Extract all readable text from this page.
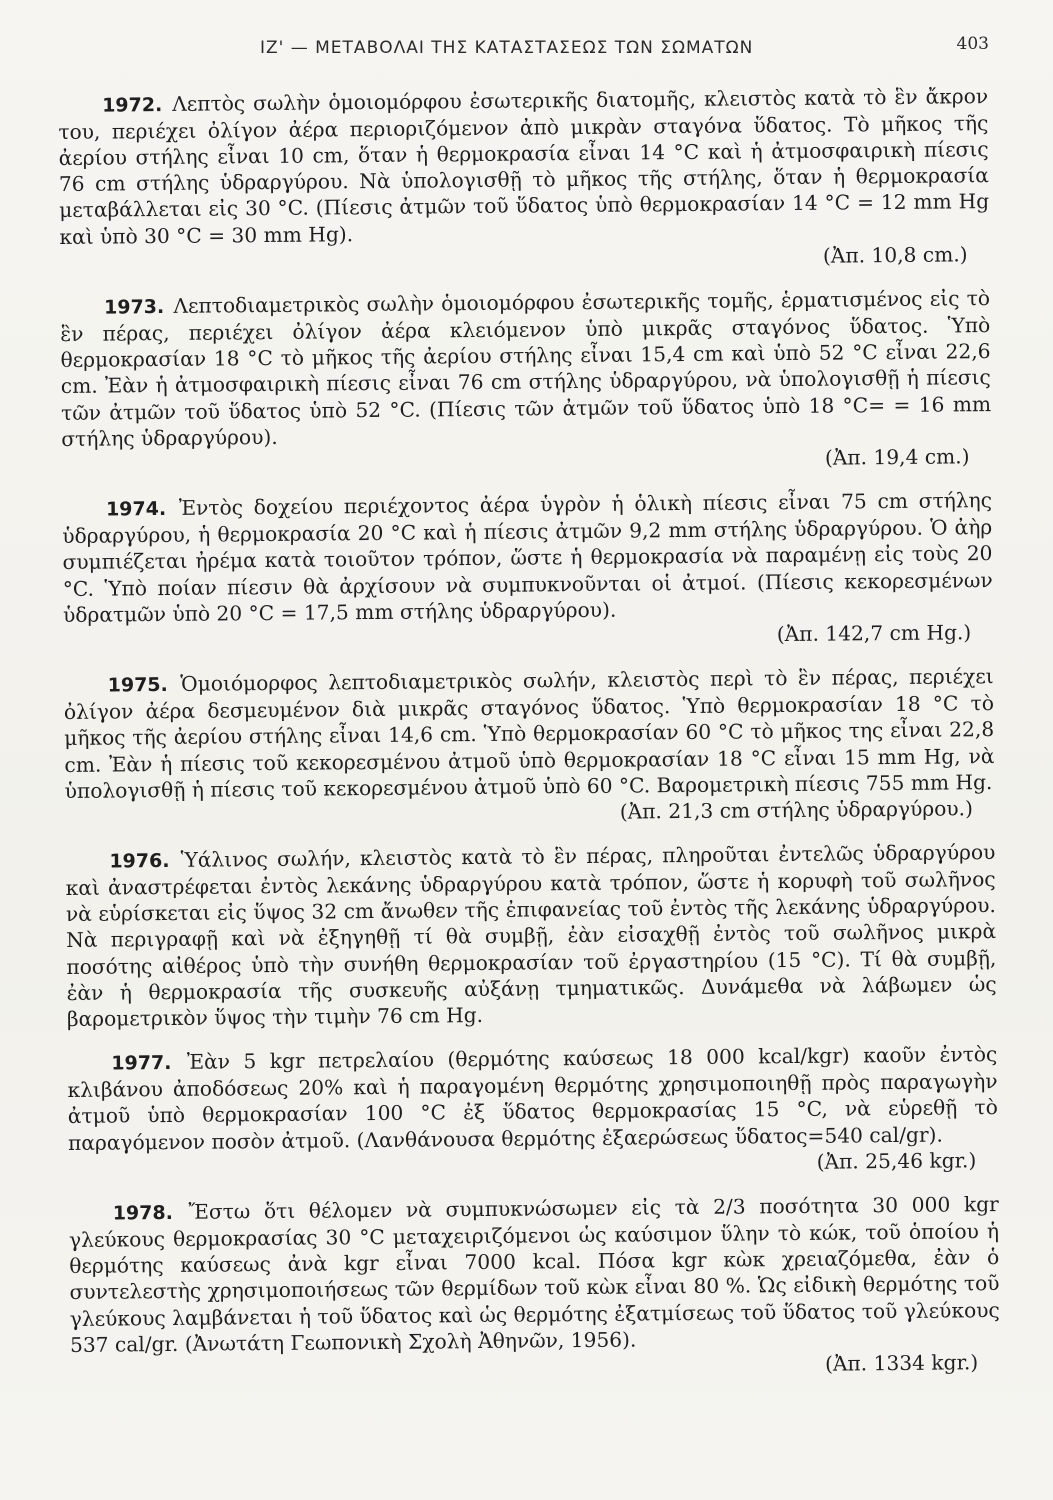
ΙΖ' — ΜΕΤΑΒΟΛΑΙ ΤΗΣ ΚΑΤΑΣΤΑΣΕΩΣ ΤΩΝ ΣΩΜΑΤΩΝ	403

1972. Λεπτὸς σωλὴν ὁμοιομόρφου ἐσωτερικῆς διατομῆς, κλειστὸς κατὰ τὸ ἓν ἄκρον του, περιέχει ὀλίγον ἀέρα περιοριζόμενον ἀπὸ μικρὰν σταγόνα ὕδατος. Τὸ μῆκος τῆς ἀερίου στήλης εἶναι 10 cm, ὅταν ἡ θερμοκρασία εἶναι 14 °C καὶ ἡ ἀτμοσφαιρικὴ πίεσις 76 cm στήλης ὑδραργύρου. Νὰ ὑπολογισθῇ τὸ μῆκος τῆς στήλης, ὅταν ἡ θερμοκρασία μεταβάλλεται εἰς 30 °C. (Πίεσις ἀτμῶν τοῦ ὕδατος ὑπὸ θερμοκρασίαν 14 °C = 12 mm Hg καὶ ὑπὸ 30 °C = 30 mm Hg).
(Ἀπ. 10,8 cm.)

1973. Λεπτοδιαμετρικὸς σωλὴν ὁμοιομόρφου ἐσωτερικῆς τομῆς, ἑρματισμένος εἰς τὸ ἓν πέρας, περιέχει ὀλίγον ἀέρα κλειόμενον ὑπὸ μικρᾶς σταγόνος ὕδατος. Ὑπὸ θερμοκρασίαν 18 °C τὸ μῆκος τῆς ἀερίου στήλης εἶναι 15,4 cm καὶ ὑπὸ 52 °C εἶναι 22,6 cm. Ἐὰν ἡ ἀτμοσφαιρικὴ πίεσις εἶναι 76 cm στήλης ὑδραργύρου, νὰ ὑπολογισθῇ ἡ πίεσις τῶν ἀτμῶν τοῦ ὕδατος ὑπὸ 52 °C. (Πίεσις τῶν ἀτμῶν τοῦ ὕδατος ὑπὸ 18 °C= = 16 mm στήλης ὑδραργύρου).
(Ἀπ. 19,4 cm.)

1974. Ἐντὸς δοχείου περιέχοντος ἀέρα ὑγρὸν ἡ ὁλικὴ πίεσις εἶναι 75 cm στήλης ὑδραργύρου, ἡ θερμοκρασία 20 °C καὶ ἡ πίεσις ἀτμῶν 9,2 mm στήλης ὑδραργύρου. Ὁ ἀὴρ συμπιέζεται ἠρέμα κατὰ τοιοῦτον τρόπον, ὥστε ἡ θερμοκρασία νὰ παραμένῃ εἰς τοὺς 20 °C. Ὑπὸ ποίαν πίεσιν θὰ ἀρχίσουν νὰ συμπυκνοῦνται οἱ ἀτμοί. (Πίεσις κεκορεσμένων ὑδρατμῶν ὑπὸ 20 °C = 17,5 mm στήλης ὑδραργύρου).
(Ἀπ. 142,7 cm Hg.)

1975. Ὁμοιόμορφος λεπτοδιαμετρικὸς σωλήν, κλειστὸς περὶ τὸ ἓν πέρας, περιέχει ὀλίγον ἀέρα δεσμευμένον διὰ μικρᾶς σταγόνος ὕδατος. Ὑπὸ θερμοκρασίαν 18 °C τὸ μῆκος τῆς ἀερίου στήλης εἶναι 14,6 cm. Ὑπὸ θερμοκρασίαν 60 °C τὸ μῆκος της εἶναι 22,8 cm. Ἐὰν ἡ πίεσις τοῦ κεκορεσμένου ἀτμοῦ ὑπὸ θερμοκρασίαν 18 °C εἶναι 15 mm Hg, νὰ ὑπολογισθῇ ἡ πίεσις τοῦ κεκορεσμένου ἀτμοῦ ὑπὸ 60 °C. Βαρομετρικὴ πίεσις 755 mm Hg.
(Ἀπ. 21,3 cm στήλης ὑδραργύρου.)

1976. Ὑάλινος σωλήν, κλειστὸς κατὰ τὸ ἓν πέρας, πληροῦται ἐντελῶς ὑδραργύρου καὶ ἀναστρέφεται ἐντὸς λεκάνης ὑδραργύρου κατὰ τρόπον, ὥστε ἡ κορυφὴ τοῦ σωλῆνος νὰ εὑρίσκεται εἰς ὕψος 32 cm ἄνωθεν τῆς ἐπιφανείας τοῦ ἐντὸς τῆς λεκάνης ὑδραργύρου. Νὰ περιγραφῇ καὶ νὰ ἐξηγηθῇ τί θὰ συμβῇ, ἐὰν εἰσαχθῇ ἐντὸς τοῦ σωλῆνος μικρὰ ποσότης αἰθέρος ὑπὸ τὴν συνήθη θερμοκρασίαν τοῦ ἐργαστηρίου (15 °C). Τί θὰ συμβῇ, ἐὰν ἡ θερμοκρασία τῆς συσκευῆς αὐξάνῃ τμηματικῶς. Δυνάμεθα νὰ λάβωμεν ὡς βαρομετρικὸν ὕψος τὴν τιμὴν 76 cm Hg.

1977. Ἐὰν 5 kgr πετρελαίου (θερμότης καύσεως 18 000 kcal/kgr) καοῦν ἐντὸς κλιβάνου ἀποδόσεως 20% καὶ ἡ παραγομένη θερμότης χρησιμοποιηθῇ πρὸς παραγωγὴν ἀτμοῦ ὑπὸ θερμοκρασίαν 100 °C ἐξ ὕδατος θερμοκρασίας 15 °C, νὰ εὑρεθῇ τὸ παραγόμενον ποσὸν ἀτμοῦ. (Λανθάνουσα θερμότης ἐξαερώσεως ὕδατος=540 cal/gr).
(Ἀπ. 25,46 kgr.)

1978. Ἔστω ὅτι θέλομεν νὰ συμπυκνώσωμεν εἰς τὰ 2/3 ποσότητα 30 000 kgr γλεύκους θερμοκρασίας 30 °C μεταχειριζόμενοι ὡς καύσιμον ὕλην τὸ κώκ, τοῦ ὁποίου ἡ θερμότης καύσεως ἀνὰ kgr εἶναι 7000 kcal. Πόσα kgr κὼκ χρειαζόμεθα, ἐὰν ὁ συντελεστὴς χρησιμοποιήσεως τῶν θερμίδων τοῦ κὼκ εἶναι 80 %. Ὡς εἰδικὴ θερμότης τοῦ γλεύκους λαμβάνεται ἡ τοῦ ὕδατος καὶ ὡς θερμότης ἐξατμίσεως τοῦ ὕδατος τοῦ γλεύκους 537 cal/gr. (Ἀνωτάτη Γεωπονικὴ Σχολὴ Ἀθηνῶν, 1956).
(Ἀπ. 1334 kgr.)
